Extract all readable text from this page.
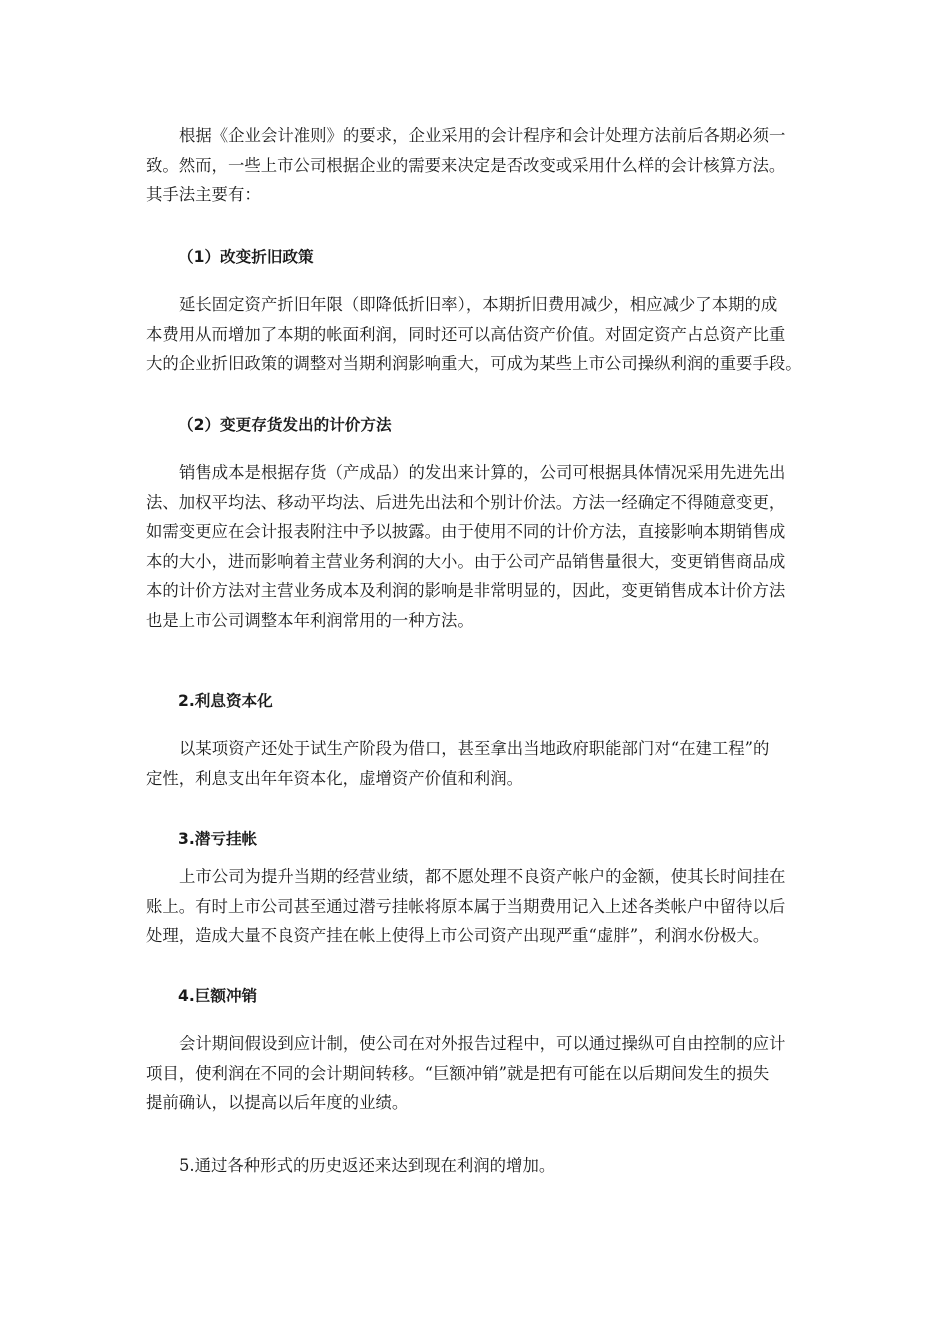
根据《企业会计准则》的要求，企业采用的会计程序和会计处理方法前后各期必须一
致。然而，一些上市公司根据企业的需要来决定是否改变或采用什么样的会计核算方法。
其手法主要有：
（1）改变折旧政策
延长固定资产折旧年限（即降低折旧率），本期折旧费用减少，相应减少了本期的成
本费用从而增加了本期的帐面利润，同时还可以高估资产价值。对固定资产占总资产比重
大的企业折旧政策的调整对当期利润影响重大，可成为某些上市公司操纵利润的重要手段。
（2）变更存货发出的计价方法
销售成本是根据存货（产成品）的发出来计算的，公司可根据具体情况采用先进先出
法、加权平均法、移动平均法、后进先出法和个别计价法。方法一经确定不得随意变更，
如需变更应在会计报表附注中予以披露。由于使用不同的计价方法，直接影响本期销售成
本的大小，进而影响着主营业务利润的大小。由于公司产品销售量很大，变更销售商品成
本的计价方法对主营业务成本及利润的影响是非常明显的，因此，变更销售成本计价方法
也是上市公司调整本年利润常用的一种方法。
2.利息资本化
以某项资产还处于试生产阶段为借口，甚至拿出当地政府职能部门对“在建工程”的
定性，利息支出年年资本化，虚增资产价值和利润。
3.潜亏挂帐
上市公司为提升当期的经营业绩，都不愿处理不良资产帐户的金额，使其长时间挂在
账上。有时上市公司甚至通过潜亏挂帐将原本属于当期费用记入上述各类帐户中留待以后
处理，造成大量不良资产挂在帐上使得上市公司资产出现严重“虚胖”，利润水份极大。
4.巨额冲销
会计期间假设到应计制，使公司在对外报告过程中，可以通过操纵可自由控制的应计
项目，使利润在不同的会计期间转移。“巨额冲销”就是把有可能在以后期间发生的损失
提前确认，以提高以后年度的业绩。
5.通过各种形式的历史返还来达到现在利润的增加。
